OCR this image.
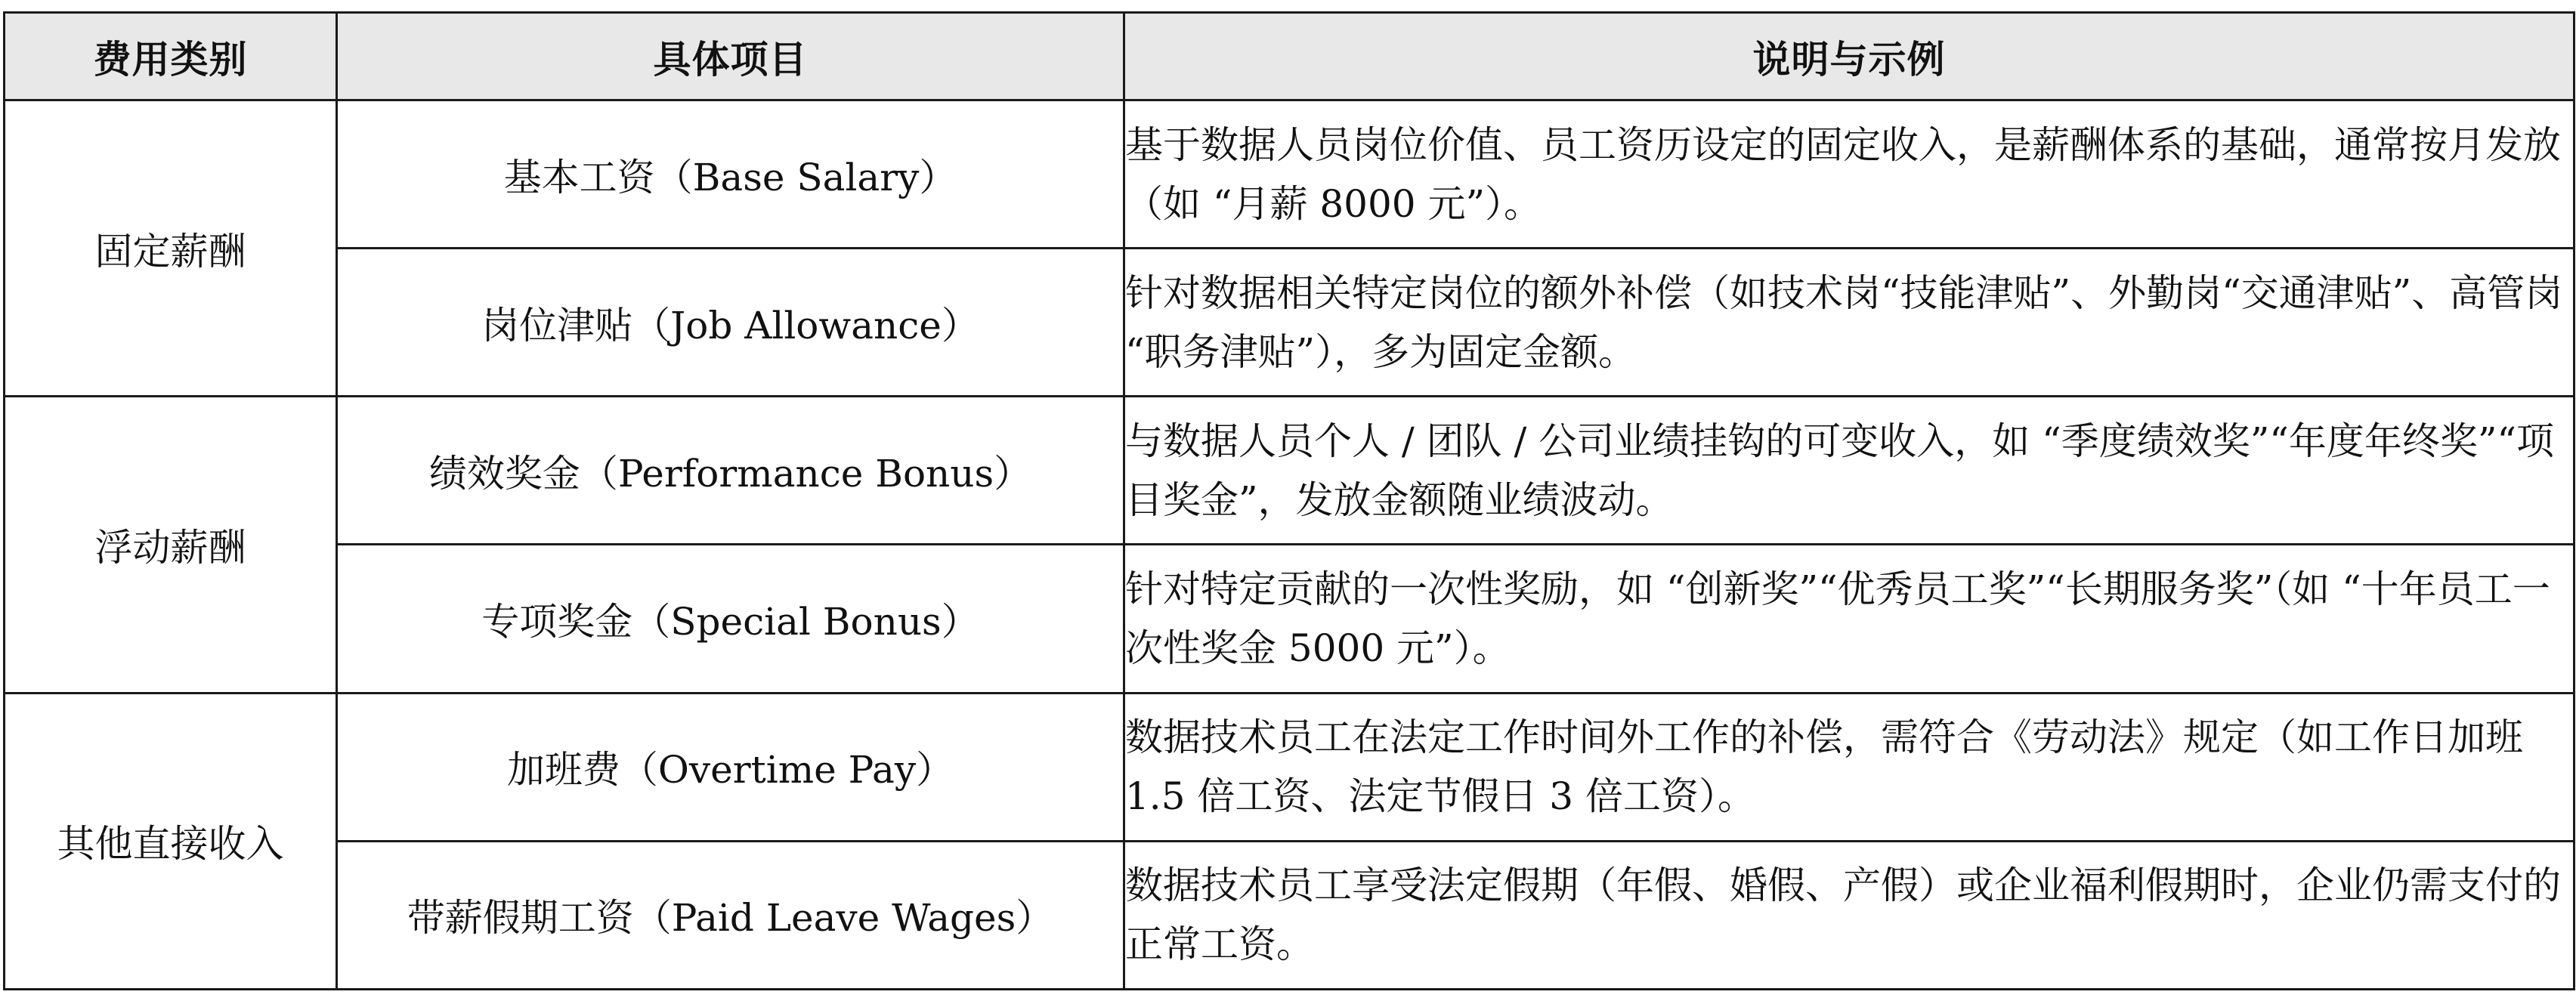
费用类别	具体项目	说明与示例
固定薪酬	基本工资（Base Salary）	基于数据人员岗位价值、员工资历设定的固定收入，是薪酬体系的基础，通常按月发放（如 “月薪 8000 元”）。
	岗位津贴（Job Allowance）	针对数据相关特定岗位的额外补偿（如技术岗“技能津贴”、外勤岗“交通津贴”、高管岗 “职务津贴”），多为固定金额。
浮动薪酬	绩效奖金（Performance Bonus）	与数据人员个人 / 团队 / 公司业绩挂钩的可变收入，如 “季度绩效奖”“年度年终奖”“项目奖金”，发放金额随业绩波动。
	专项奖金（Special Bonus）	针对特定贡献的一次性奖励，如 “创新奖”“优秀员工奖”“长期服务奖”（如 “十年员工一次性奖金 5000 元”）。
其他直接收入	加班费（Overtime Pay）	数据技术员工在法定工作时间外工作的补偿，需符合《劳动法》规定（如工作日加班 1.5 倍工资、法定节假日 3 倍工资）。
	带薪假期工资（Paid Leave Wages）	数据技术员工享受法定假期（年假、婚假、产假）或企业福利假期时，企业仍需支付的正常工资。
